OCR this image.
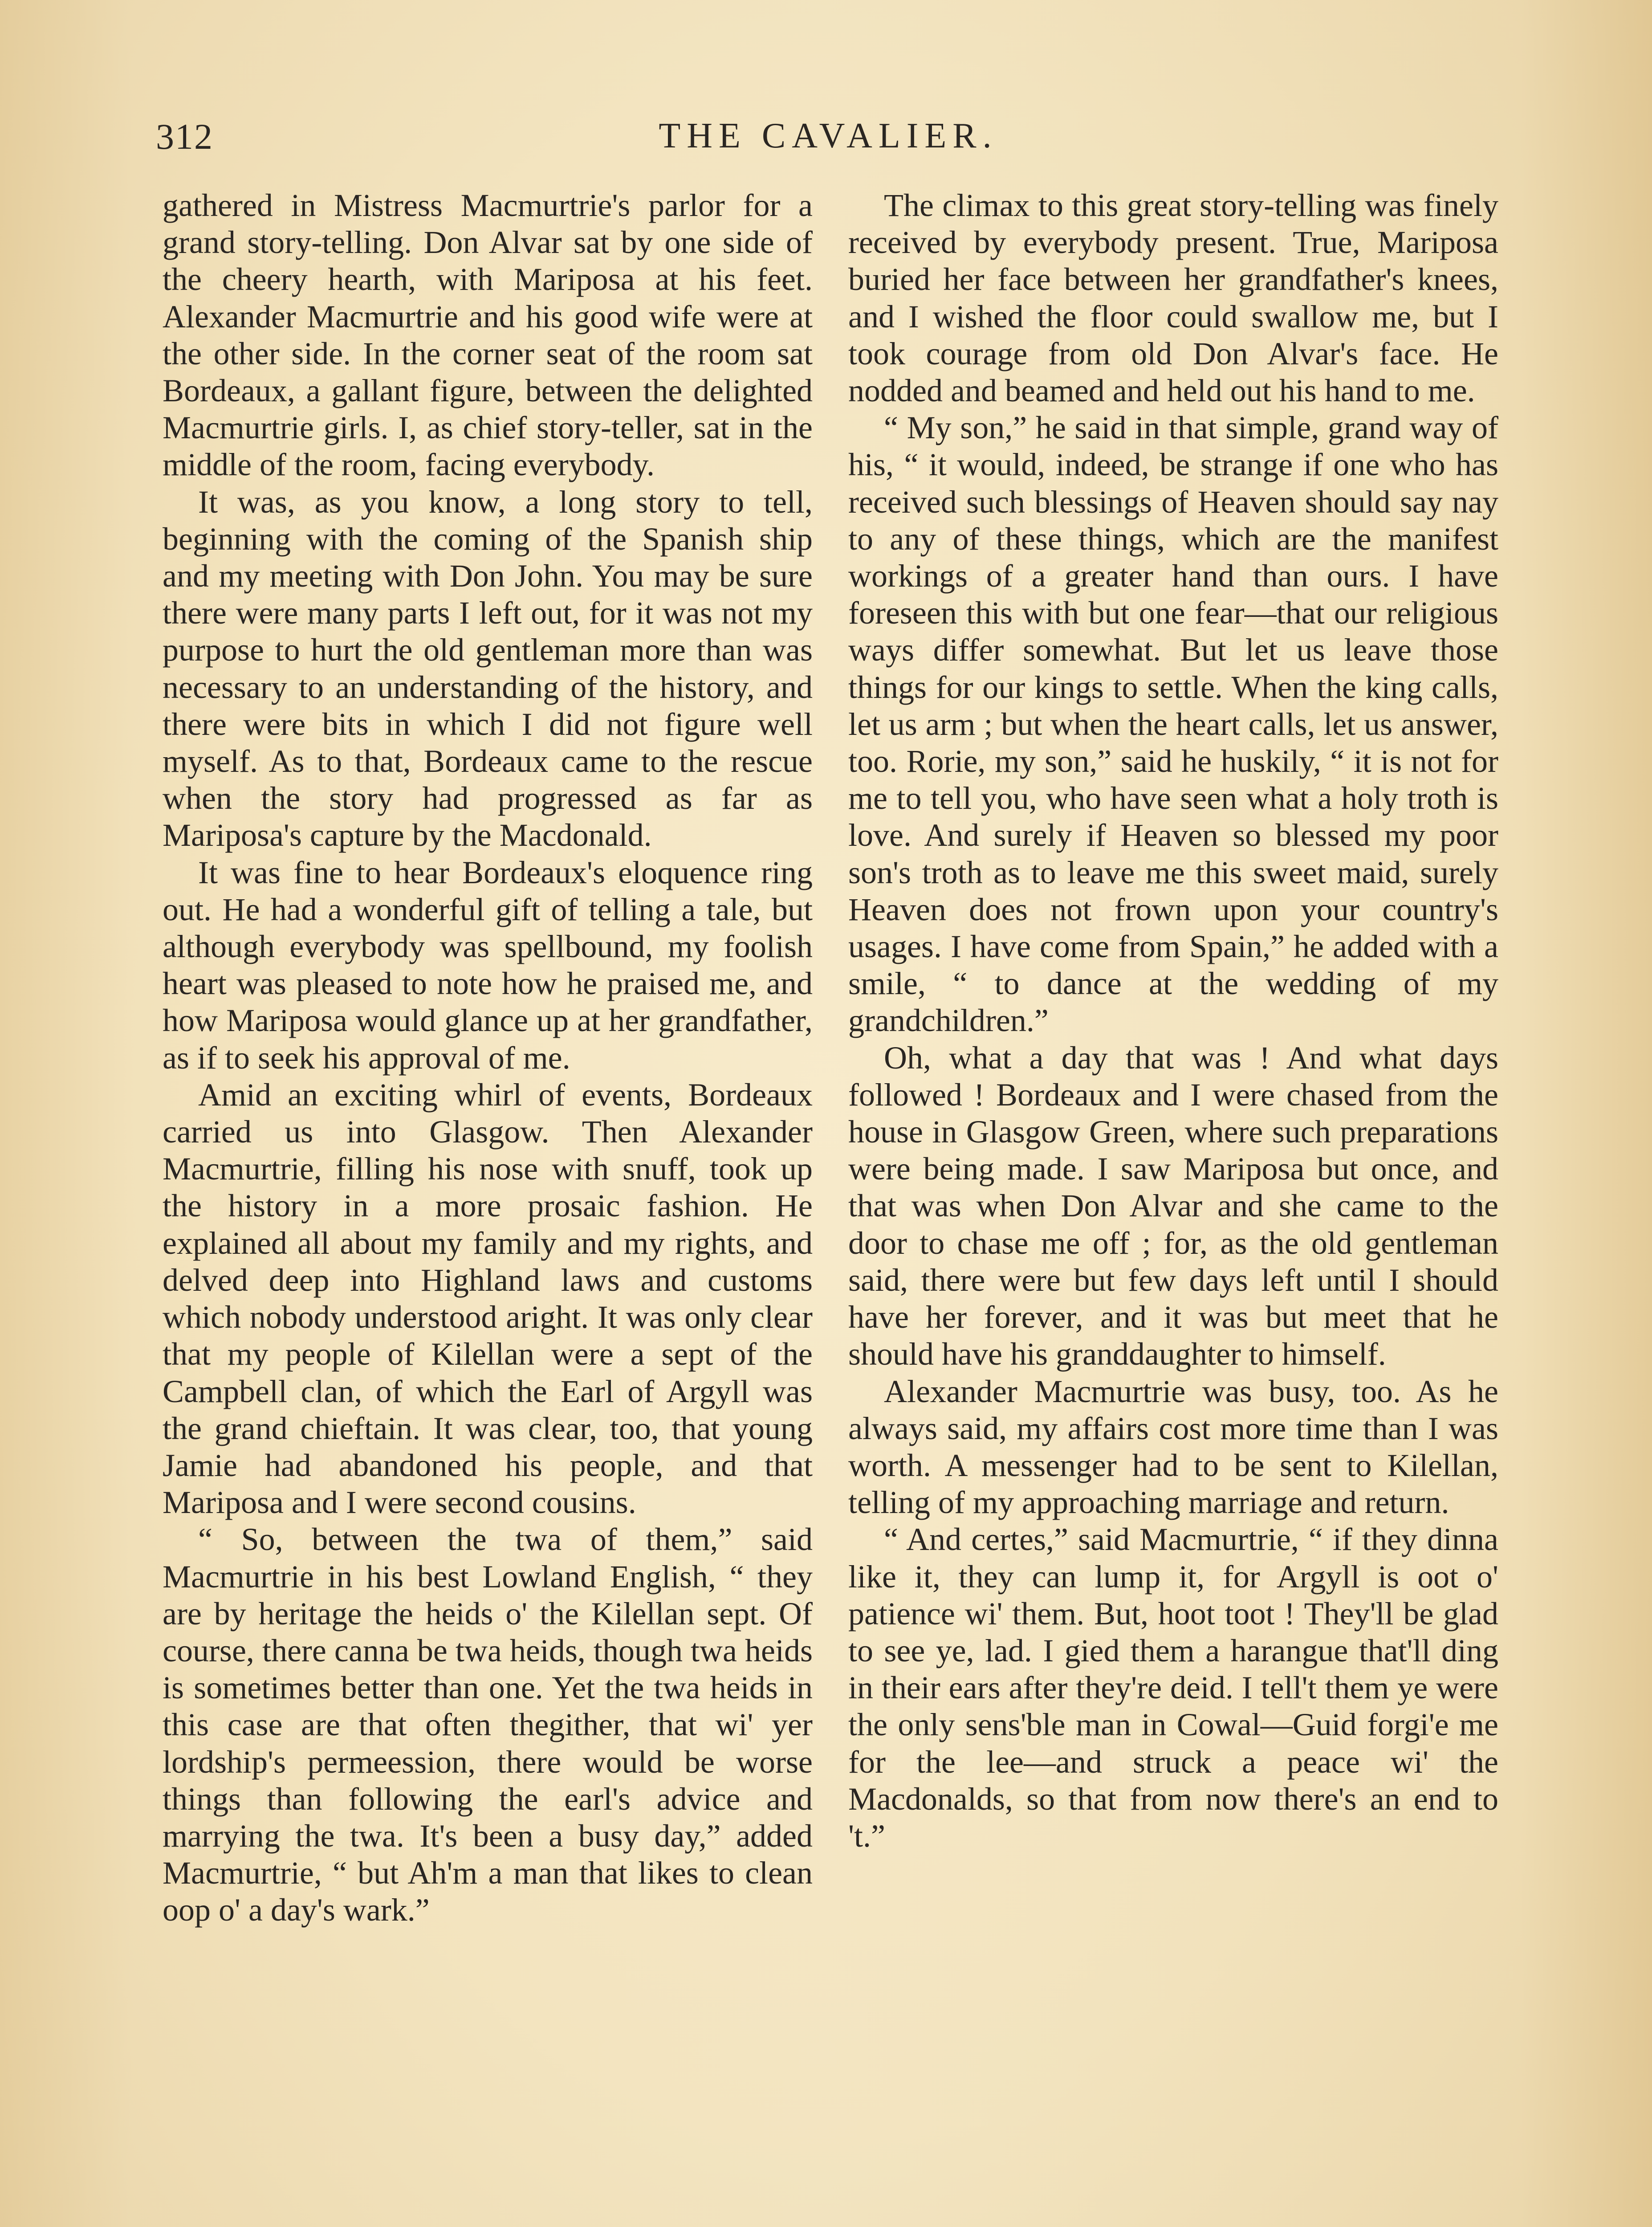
312	THE CAVALIER.

gathered in Mistress Macmurtrie's parlor for a grand story-telling. Don Alvar sat by one side of the cheery hearth, with Mariposa at his feet. Alexander Macmurtrie and his good wife were at the other side. In the corner seat of the room sat Bordeaux, a gallant figure, between the delighted Macmurtrie girls. I, as chief story-teller, sat in the middle of the room, facing everybody.

It was, as you know, a long story to tell, beginning with the coming of the Spanish ship and my meeting with Don John. You may be sure there were many parts I left out, for it was not my purpose to hurt the old gentleman more than was necessary to an understanding of the history, and there were bits in which I did not figure well myself. As to that, Bordeaux came to the rescue when the story had progressed as far as Mariposa's capture by the Macdonald.

It was fine to hear Bordeaux's eloquence ring out. He had a wonderful gift of telling a tale, but although everybody was spellbound, my foolish heart was pleased to note how he praised me, and how Mariposa would glance up at her grandfather, as if to seek his approval of me.

Amid an exciting whirl of events, Bordeaux carried us into Glasgow. Then Alexander Macmurtrie, filling his nose with snuff, took up the history in a more prosaic fashion. He explained all about my family and my rights, and delved deep into Highland laws and customs which nobody understood aright. It was only clear that my people of Kilellan were a sept of the Campbell clan, of which the Earl of Argyll was the grand chieftain. It was clear, too, that young Jamie had abandoned his people, and that Mariposa and I were second cousins.

“ So, between the twa of them,” said Macmurtrie in his best Lowland English, “ they are by heritage the heids o' the Kilellan sept. Of course, there canna be twa heids, though twa heids is sometimes better than one. Yet the twa heids in this case are that often thegither, that wi' yer lordship's permeession, there would be worse things than following the earl's advice and marrying the twa. It's been a busy day,” added Macmurtrie, “ but Ah'm a man that likes to clean oop o' a day's wark.”

The climax to this great story-telling was finely received by everybody present. True, Mariposa buried her face between her grandfather's knees, and I wished the floor could swallow me, but I took courage from old Don Alvar's face. He nodded and beamed and held out his hand to me.

“ My son,” he said in that simple, grand way of his, “ it would, indeed, be strange if one who has received such blessings of Heaven should say nay to any of these things, which are the manifest workings of a greater hand than ours. I have foreseen this with but one fear—that our religious ways differ somewhat. But let us leave those things for our kings to settle. When the king calls, let us arm ; but when the heart calls, let us answer, too. Rorie, my son,” said he huskily, “ it is not for me to tell you, who have seen what a holy troth is love. And surely if Heaven so blessed my poor son's troth as to leave me this sweet maid, surely Heaven does not frown upon your country's usages. I have come from Spain,” he added with a smile, “ to dance at the wedding of my grandchildren.”

Oh, what a day that was ! And what days followed ! Bordeaux and I were chased from the house in Glasgow Green, where such preparations were being made. I saw Mariposa but once, and that was when Don Alvar and she came to the door to chase me off ; for, as the old gentleman said, there were but few days left until I should have her forever, and it was but meet that he should have his granddaughter to himself.

Alexander Macmurtrie was busy, too. As he always said, my affairs cost more time than I was worth. A messenger had to be sent to Kilellan, telling of my approaching marriage and return.

“ And certes,” said Macmurtrie, “ if they dinna like it, they can lump it, for Argyll is oot o' patience wi' them. But, hoot toot ! They'll be glad to see ye, lad. I gied them a harangue that'll ding in their ears after they're deid. I tell't them ye were the only sens'ble man in Cowal—Guid forgi'e me for the lee—and struck a peace wi' the Macdonalds, so that from now there's an end to 't.”
